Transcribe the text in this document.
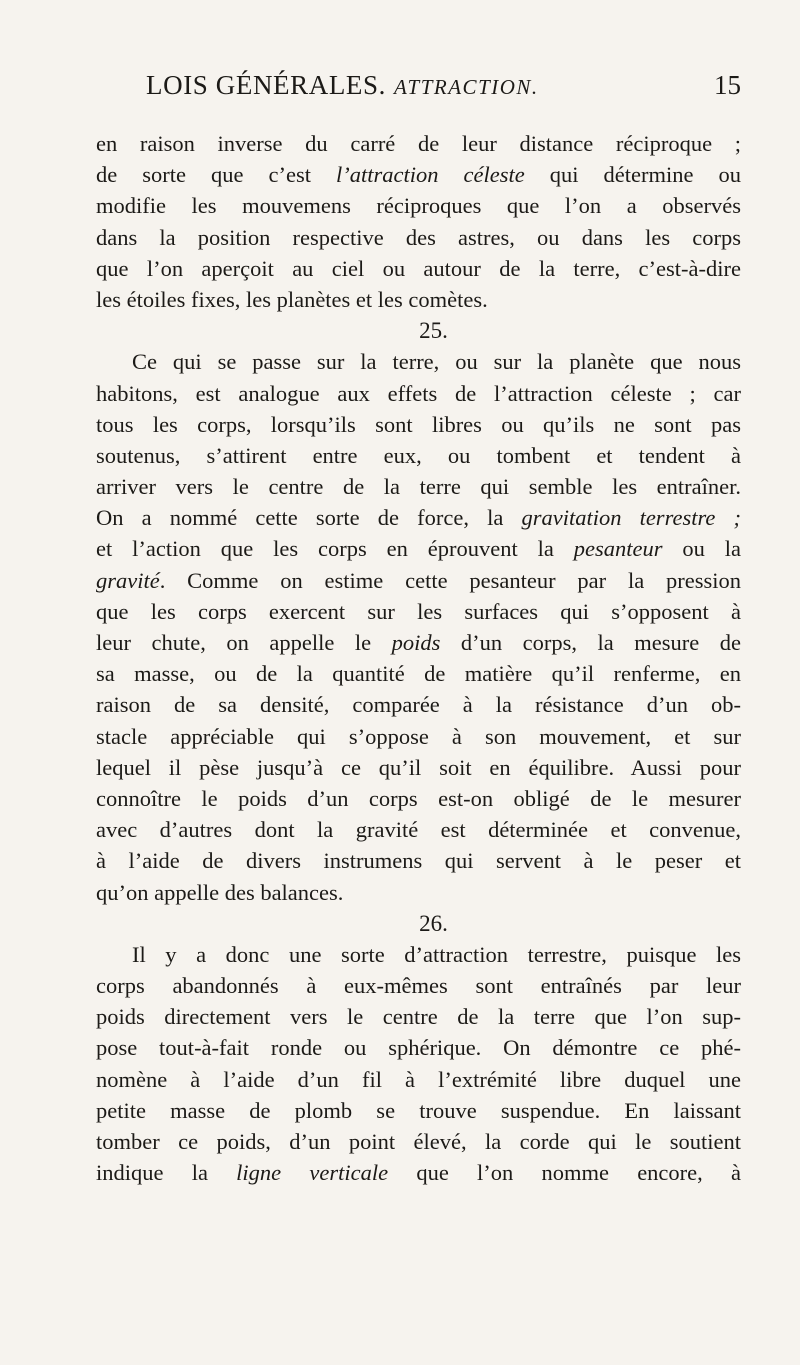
LOIS GÉNÉRALES. ATTRACTION.	15
en raison inverse du carré de leur distance réciproque ;
de sorte que c’est l’attraction céleste qui détermine ou
modifie les mouvemens réciproques que l’on a observés
dans la position respective des astres, ou dans les corps
que l’on aperçoit au ciel ou autour de la terre, c’est-à-dire
les étoiles fixes, les planètes et les comètes.
25.
Ce qui se passe sur la terre, ou sur la planète que nous
habitons, est analogue aux effets de l’attraction céleste ; car
tous les corps, lorsqu’ils sont libres ou qu’ils ne sont pas
soutenus, s’attirent entre eux, ou tombent et tendent à
arriver vers le centre de la terre qui semble les entraîner.
On a nommé cette sorte de force, la gravitation terrestre ;
et l’action que les corps en éprouvent la pesanteur ou la
gravité. Comme on estime cette pesanteur par la pression
que les corps exercent sur les surfaces qui s’opposent à
leur chute, on appelle le poids d’un corps, la mesure de
sa masse, ou de la quantité de matière qu’il renferme, en
raison de sa densité, comparée à la résistance d’un ob-
stacle appréciable qui s’oppose à son mouvement, et sur
lequel il pèse jusqu’à ce qu’il soit en équilibre. Aussi pour
connoître le poids d’un corps est-on obligé de le mesurer
avec d’autres dont la gravité est déterminée et convenue,
à l’aide de divers instrumens qui servent à le peser et
qu’on appelle des balances.
26.
Il y a donc une sorte d’attraction terrestre, puisque les
corps abandonnés à eux-mêmes sont entraînés par leur
poids directement vers le centre de la terre que l’on sup-
pose tout-à-fait ronde ou sphérique. On démontre ce phé-
nomène à l’aide d’un fil à l’extrémité libre duquel une
petite masse de plomb se trouve suspendue. En laissant
tomber ce poids, d’un point élevé, la corde qui le soutient
indique la ligne verticale que l’on nomme encore, à
